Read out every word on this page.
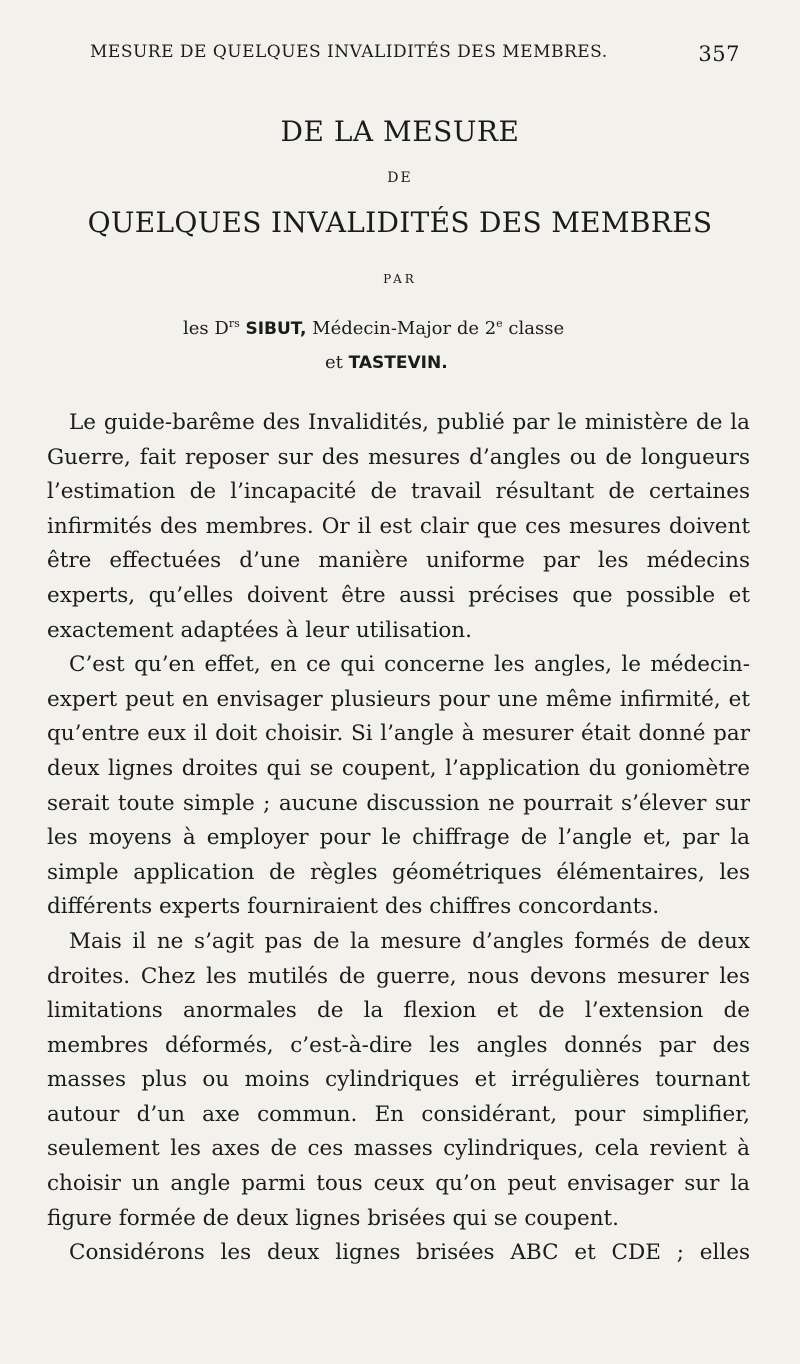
MESURE DE QUELQUES INVALIDITÉS DES MEMBRES.	357
DE LA MESURE
DE
QUELQUES INVALIDITÉS DES MEMBRES
PAR
les $D^{rs}$ SIBUT, Médecin-Major de 2e classe
et TASTEVIN.

Le guide-barême des Invalidités, publié par le ministère de la Guerre, fait reposer sur des mesures d’angles ou de longueurs l’estimation de l’incapacité de travail résultant de certaines infirmités des membres. Or il est clair que ces mesures doivent être effectuées d’une manière uniforme par les médecins experts, qu’elles doivent être aussi précises que possible et exactement adaptées à leur utilisation.

C’est qu’en effet, en ce qui concerne les angles, le médecin-expert peut en envisager plusieurs pour une même infirmité, et qu’entre eux il doit choisir. Si l’angle à mesurer était donné par deux lignes droites qui se coupent, l’application du goniomètre serait toute simple ; aucune discussion ne pourrait s’élever sur les moyens à employer pour le chiffrage de l’angle et, par la simple application de règles géométriques élémentaires, les différents experts fourniraient des chiffres concordants.

Mais il ne s’agit pas de la mesure d’angles formés de deux droites. Chez les mutilés de guerre, nous devons mesurer les limitations anormales de la flexion et de l’extension de membres déformés, c’est-à-dire les angles donnés par des masses plus ou moins cylindriques et irrégulières tournant autour d’un axe commun. En considérant, pour simplifier, seulement les axes de ces masses cylindriques, cela revient à choisir un angle parmi tous ceux qu’on peut envisager sur la figure formée de deux lignes brisées qui se coupent.

Considérons les deux lignes brisées ABC et CDE ; elles
